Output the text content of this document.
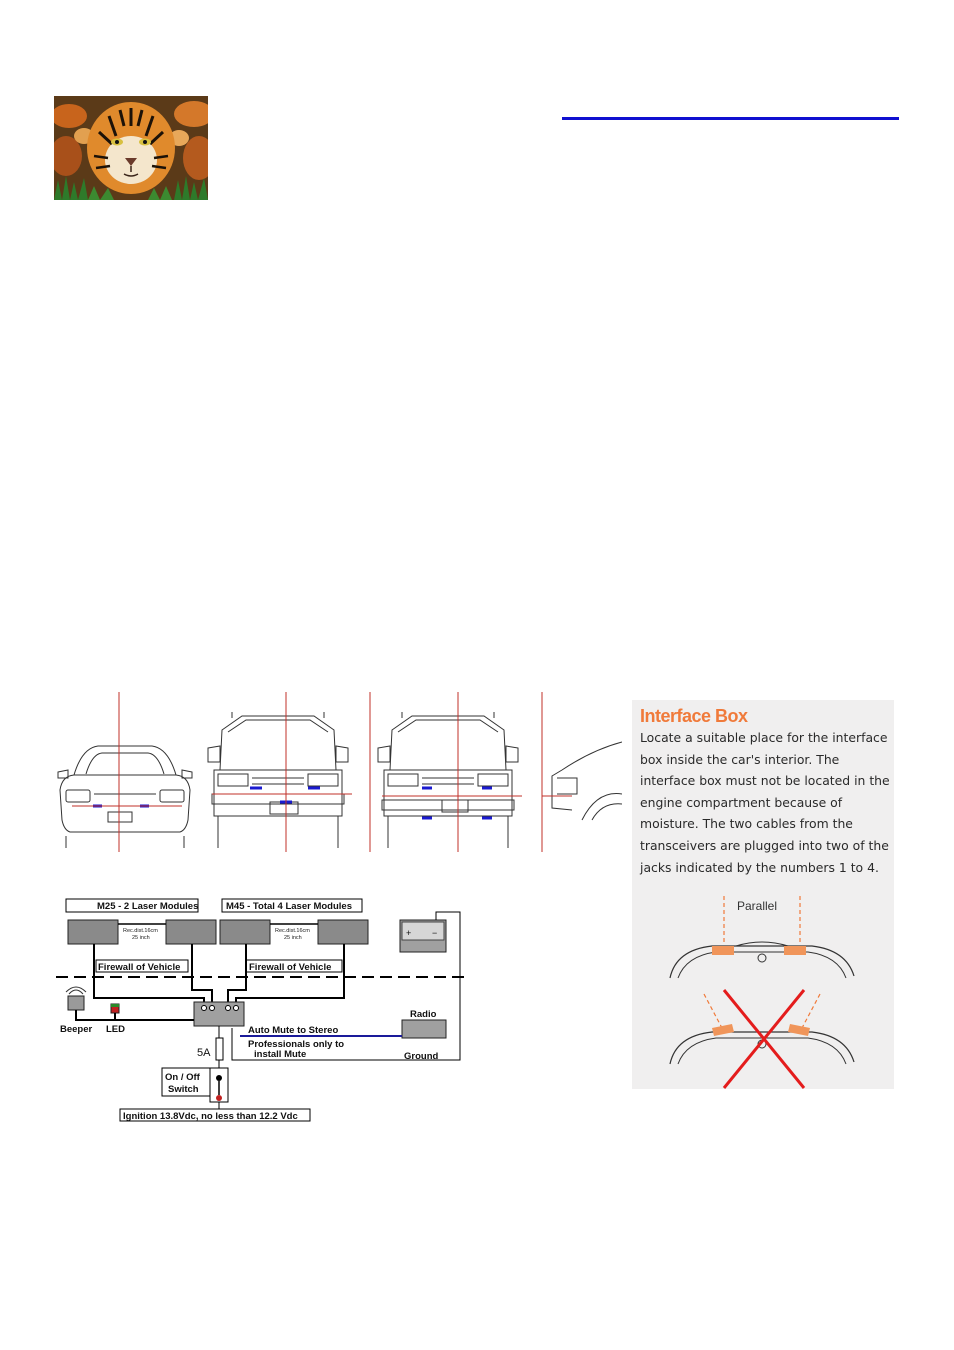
M25 - 2 Laser Modules
Rec.dist.16cm
25 inch
M45 - Total 4 Laser Modules
Rec.dist.16cm
25 inch	+ −
Firewall of Vehicle	Firewall of Vehicle
Beeper LED
Radio
Ground
Auto Mute to Stereo
Professionals only to
install Mute
5A
On / Off
Switch
Ignition 13.8Vdc, no less than 12.2 Vdc
Interface Box

Locate a suitable place for the interface box inside the car's interior. The interface box must not be located in the engine compartment because of moisture. The two cables from the transceivers are plugged into two of the jacks indicated by the numbers 1 to 4.

Parallel
